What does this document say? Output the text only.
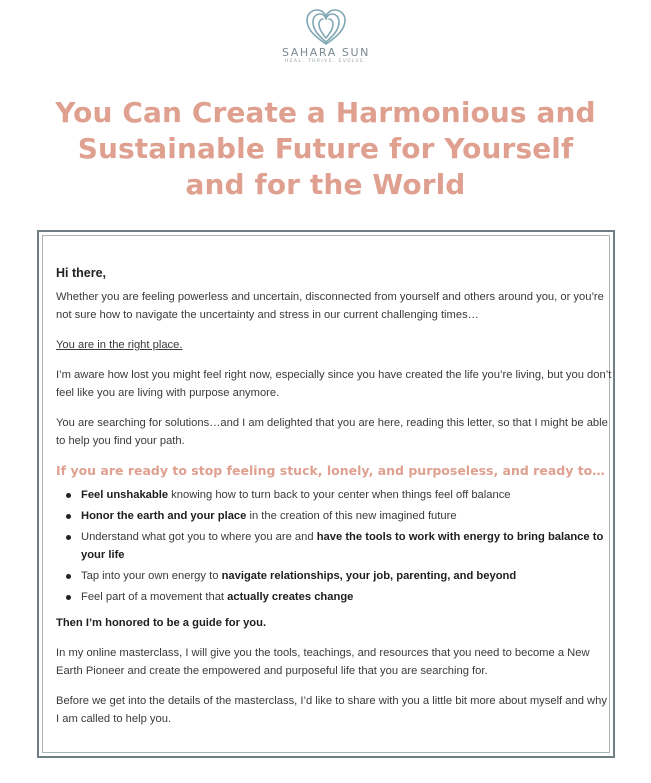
SAHARA SUN
HEAL. THRIVE. EVOLVE.
You Can Create a Harmonious and
Sustainable Future for Yourself
and for the World

Hi there,

Whether you are feeling powerless and uncertain, disconnected from yourself and others around you, or you’re not sure how to navigate the uncertainty and stress in our current challenging times…

You are in the right place.

I’m aware how lost you might feel right now, especially since you have created the life you’re living, but you don’t feel like you are living with purpose anymore.

You are searching for solutions…and I am delighted that you are here, reading this letter, so that I might be able to help you find your path.

If you are ready to stop feeling stuck, lonely, and purposeless, and ready to…

Feel unshakable knowing how to turn back to your center when things feel off balance
Honor the earth and your place in the creation of this new imagined future
Understand what got you to where you are and have the tools to work with energy to bring balance to your life
Tap into your own energy to navigate relationships, your job, parenting, and beyond
Feel part of a movement that actually creates change

Then I’m honored to be a guide for you.

In my online masterclass, I will give you the tools, teachings, and resources that you need to become a New Earth Pioneer and create the empowered and purposeful life that you are searching for.

Before we get into the details of the masterclass, I’d like to share with you a little bit more about myself and why I am called to help you.
